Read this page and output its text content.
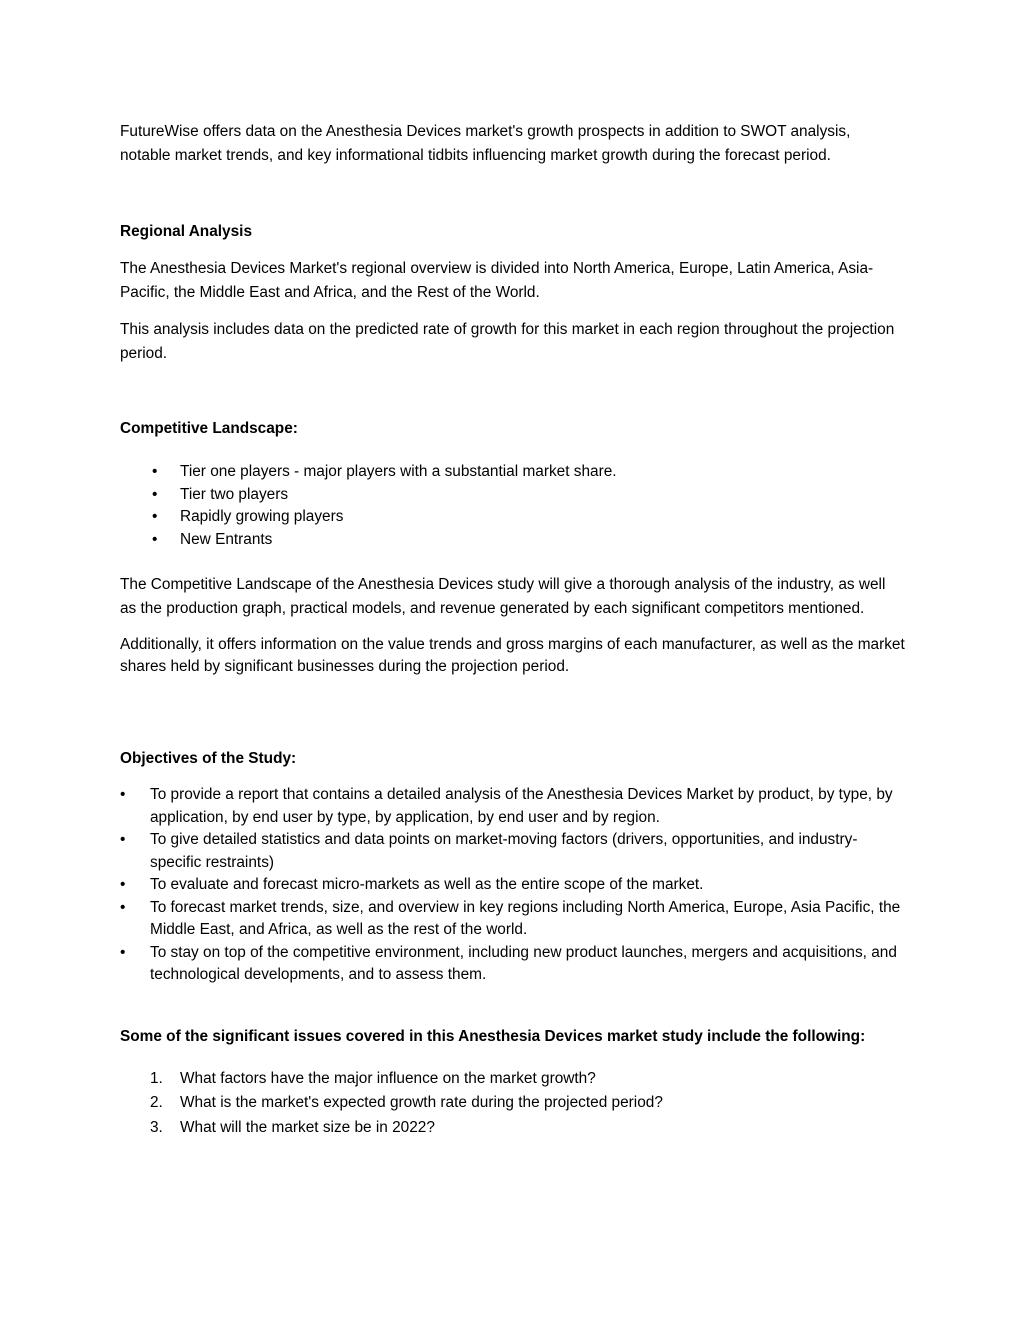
FutureWise offers data on the Anesthesia Devices market's growth prospects in addition to SWOT analysis, notable market trends, and key informational tidbits influencing market growth during the forecast period.

Regional Analysis

The Anesthesia Devices Market's regional overview is divided into North America, Europe, Latin America, Asia-Pacific, the Middle East and Africa, and the Rest of the World.

This analysis includes data on the predicted rate of growth for this market in each region throughout the projection period.

Competitive Landscape:

• Tier one players - major players with a substantial market share.
• Tier two players
• Rapidly growing players
• New Entrants

The Competitive Landscape of the Anesthesia Devices study will give a thorough analysis of the industry, as well as the production graph, practical models, and revenue generated by each significant competitors mentioned.

Additionally, it offers information on the value trends and gross margins of each manufacturer, as well as the market shares held by significant businesses during the projection period.

Objectives of the Study:

• To provide a report that contains a detailed analysis of the Anesthesia Devices Market by product, by type, by application, by end user by type, by application, by end user and by region.
• To give detailed statistics and data points on market-moving factors (drivers, opportunities, and industry-specific restraints)
• To evaluate and forecast micro-markets as well as the entire scope of the market.
• To forecast market trends, size, and overview in key regions including North America, Europe, Asia Pacific, the Middle East, and Africa, as well as the rest of the world.
• To stay on top of the competitive environment, including new product launches, mergers and acquisitions, and technological developments, and to assess them.

Some of the significant issues covered in this Anesthesia Devices market study include the following:

1. What factors have the major influence on the market growth?
2. What is the market's expected growth rate during the projected period?
3. What will the market size be in 2022?
